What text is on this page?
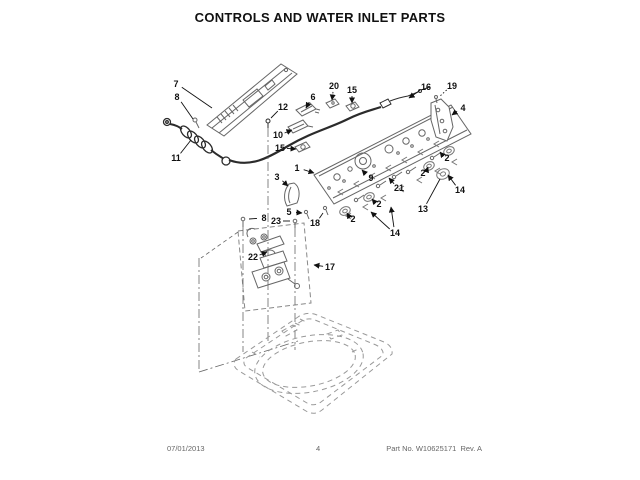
CONTROLS AND WATER INLET PARTS
7
8
11
12
6
20 15	16 19
4
10
15
1
3	9
21
2
2
2
2
13
14
14
5
18
8 23
22
17
07/01/2013	4	Part No. W10625171  Rev. A
